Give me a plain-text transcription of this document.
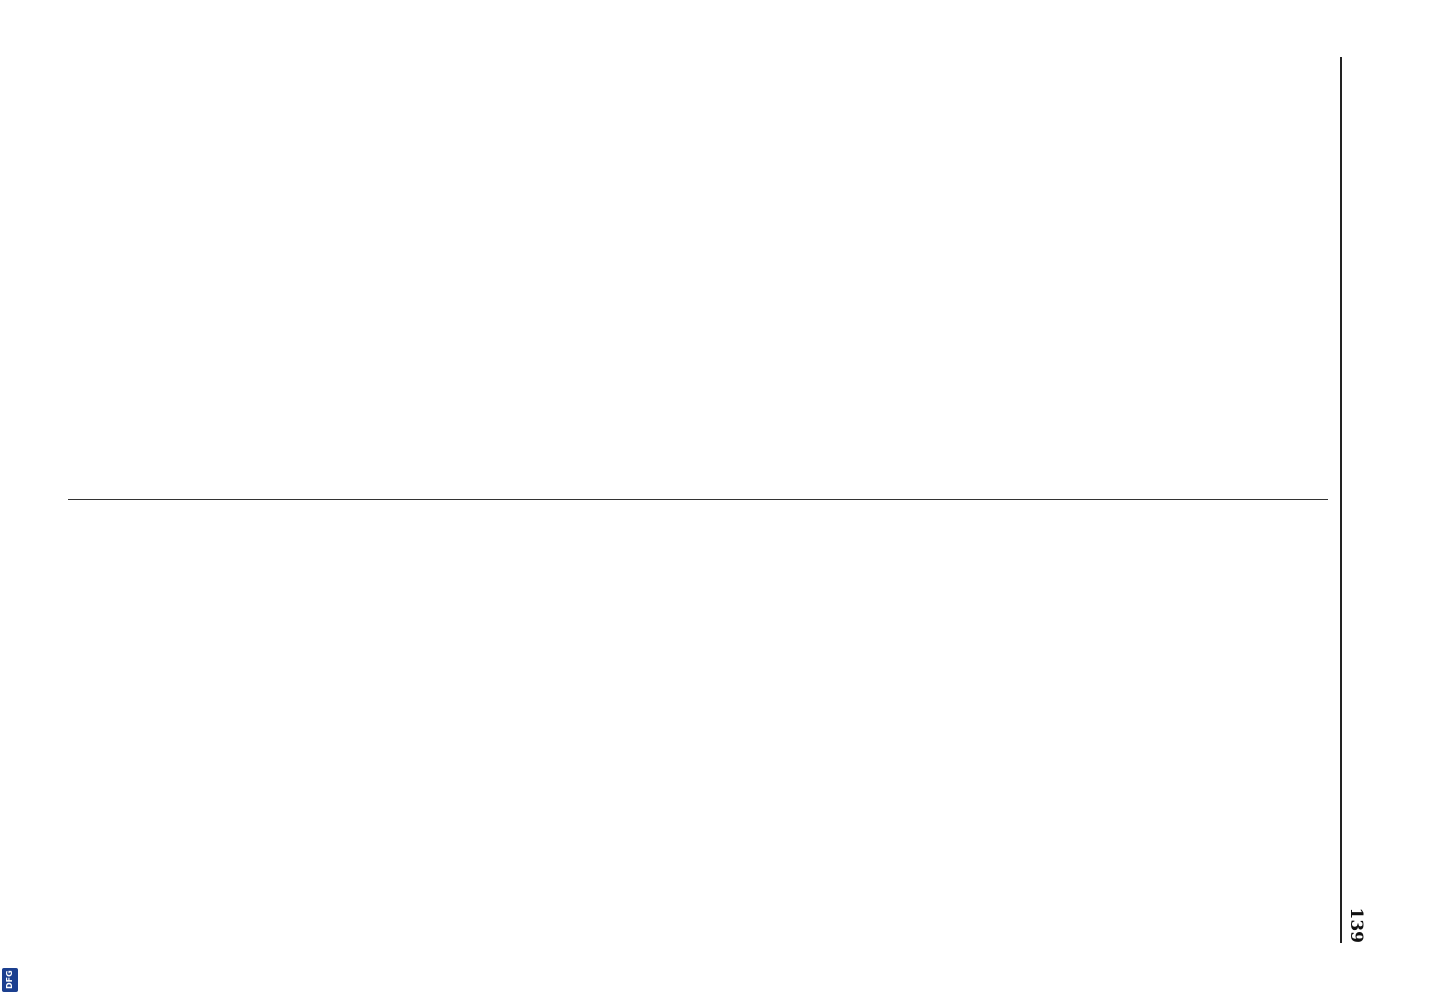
139
DFG
